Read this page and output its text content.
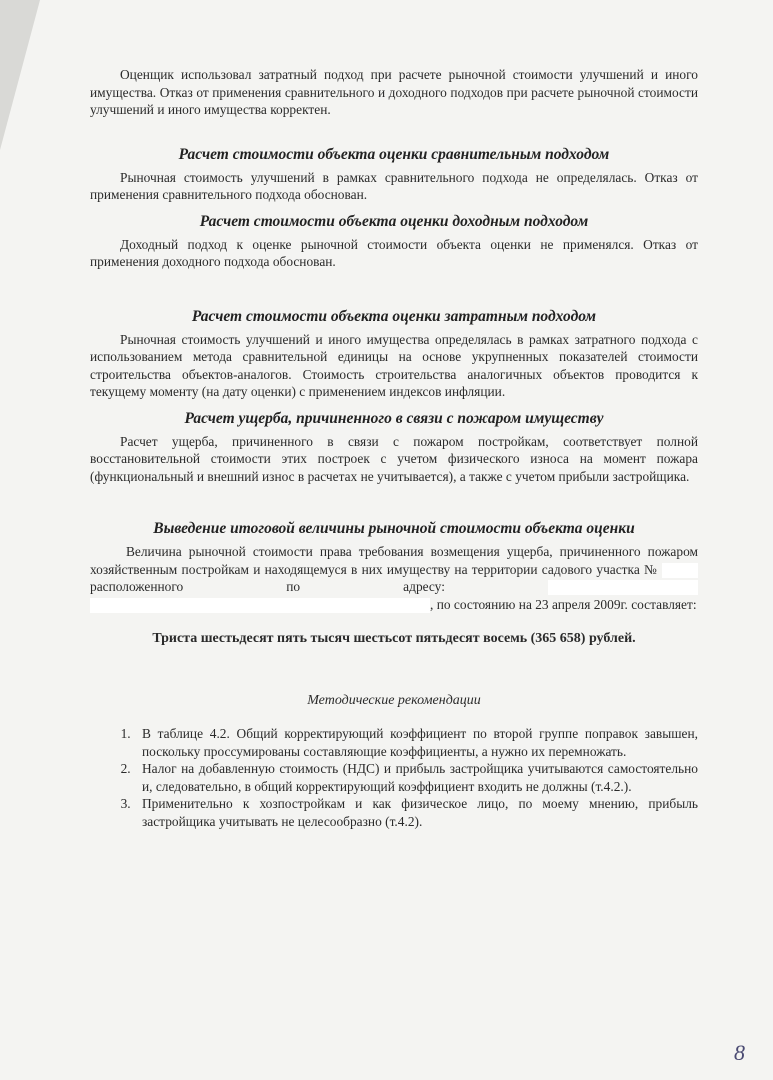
Оценщик использовал затратный подход при расчете рыночной стоимости улучшений и иного имущества. Отказ от применения сравнительного и доходного подходов при расчете рыночной стоимости улучшений и иного имущества корректен.

Расчет стоимости объекта оценки сравнительным подходом

Рыночная стоимость улучшений в рамках сравнительного подхода не определялась. Отказ от применения сравнительного подхода обоснован.

Расчет стоимости объекта оценки доходным подходом

Доходный подход к оценке рыночной стоимости объекта оценки не применялся. Отказ от применения доходного подхода обоснован.

Расчет стоимости объекта оценки затратным подходом

Рыночная стоимость улучшений и иного имущества определялась в рамках затратного подхода с использованием метода сравнительной единицы на основе укрупненных показателей стоимости строительства объектов-аналогов. Стоимость строительства аналогичных объектов проводится к текущему моменту (на дату оценки) с применением индексов инфляции.

Расчет ущерба, причиненного в связи с пожаром имуществу

Расчет ущерба, причиненного в связи с пожаром постройкам, соответствует полной восстановительной стоимости этих построек с учетом физического износа на момент пожара (функциональный и внешний износ в расчетах не учитывается), а также с учетом прибыли застройщика.

Выведение итоговой величины рыночной стоимости объекта оценки

Величина рыночной стоимости права требования возмещения ущерба, причиненного пожаром хозяйственным постройкам и находящемуся в них имуществу на территории садового участка №  расположенного по адресу:  , по состоянию на 23 апреля 2009г. составляет:

Триста шестьдесят пять тысяч шестьсот пятьдесят восемь (365 658) рублей.

Методические рекомендации

1. В таблице 4.2. Общий корректирующий коэффициент по второй группе поправок завышен, поскольку проссумированы составляющие коэффициенты, а нужно их перемножать.
2. Налог на добавленную стоимость (НДС) и прибыль застройщика учитываются самостоятельно и, следовательно, в общий корректирующий коэффициент входить не должны (т.4.2.).
3. Применительно к хозпостройкам и как физическое лицо, по моему мнению, прибыль застройщика учитывать не целесообразно (т.4.2).
8
